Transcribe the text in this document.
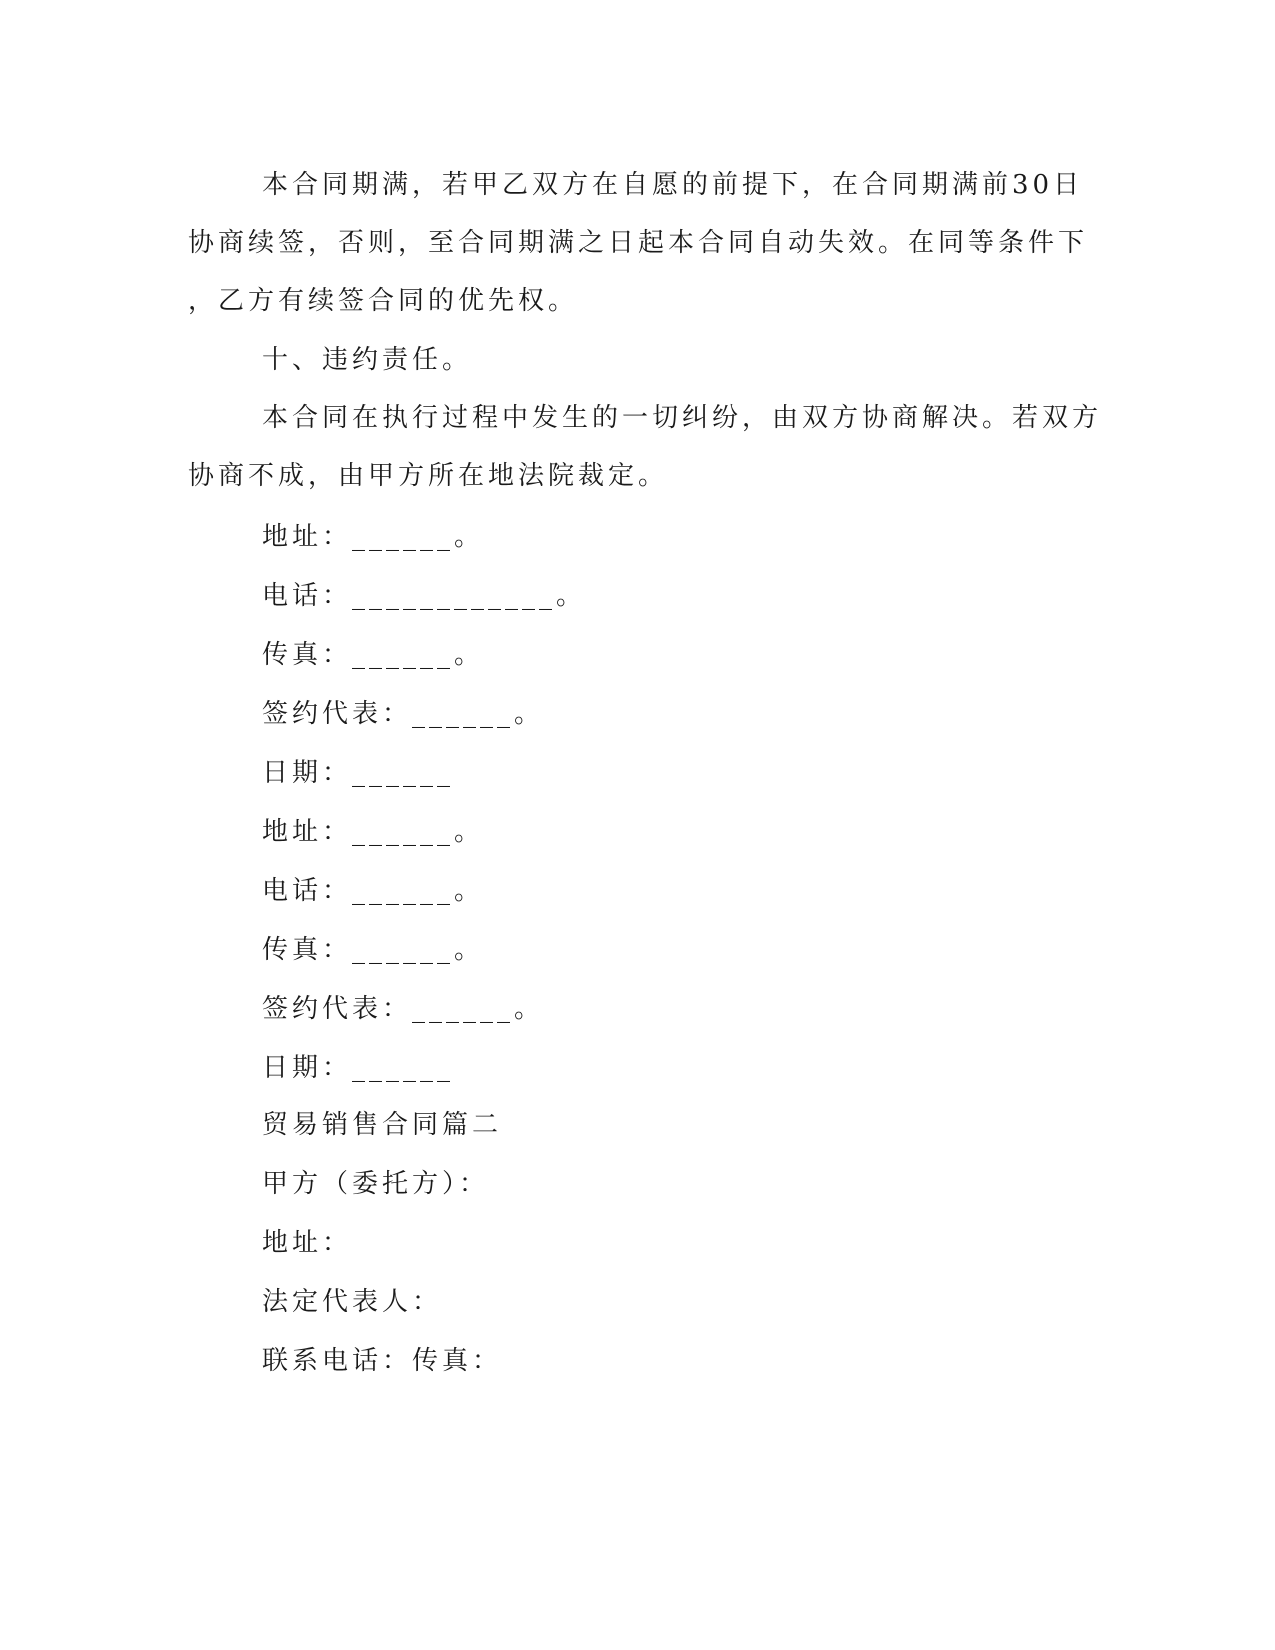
本合同期满，若甲乙双方在自愿的前提下，在合同期满前30日
协商续签，否则，至合同期满之日起本合同自动失效。在同等条件下
，乙方有续签合同的优先权。
十、违约责任。
本合同在执行过程中发生的一切纠纷，由双方协商解决。若双方
协商不成，由甲方所在地法院裁定。
地址：______。
电话：____________。
传真：______。
签约代表：______。
日期：______
地址：______。
电话：______。
传真：______。
签约代表：______。
日期：______
贸易销售合同篇二
甲方（委托方）：
地址：
法定代表人：
联系电话：传真：
